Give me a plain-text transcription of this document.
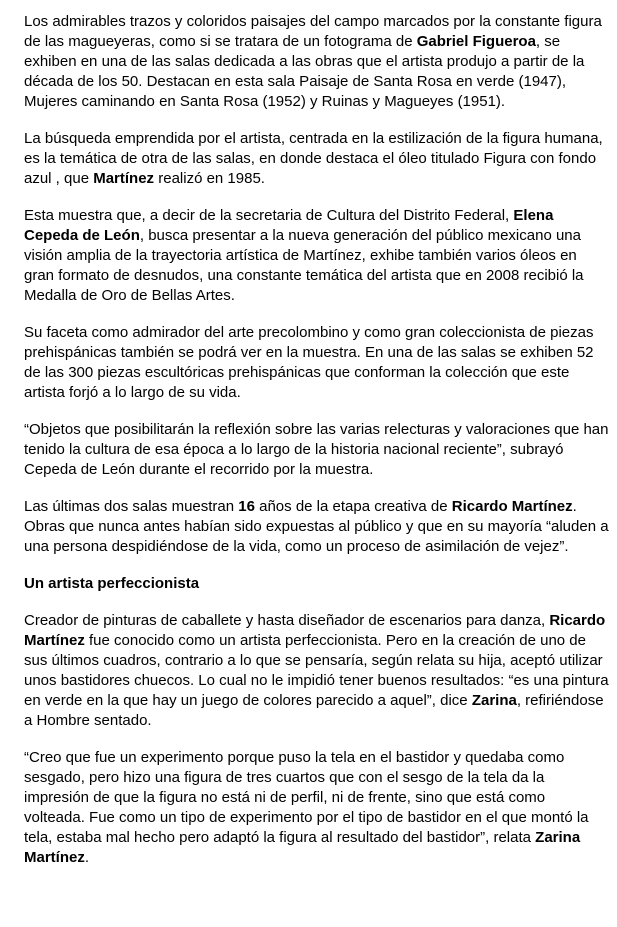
Los admirables trazos y coloridos paisajes del campo marcados por la constante figura de las magueyeras, como si se tratara de un fotograma de Gabriel Figueroa, se exhiben en una de las salas dedicada a las obras que el artista produjo a partir de la década de los 50. Destacan en esta sala Paisaje de Santa Rosa en verde (1947), Mujeres caminando en Santa Rosa (1952) y Ruinas y Magueyes (1951).

La búsqueda emprendida por el artista, centrada en la estilización de la figura humana, es la temática de otra de las salas, en donde destaca el óleo titulado Figura con fondo azul , que Martínez realizó en 1985.

Esta muestra que, a decir de la secretaria de Cultura del Distrito Federal, Elena Cepeda de León, busca presentar a la nueva generación del público mexicano una visión amplia de la trayectoria artística de Martínez, exhibe también varios óleos en gran formato de desnudos, una constante temática del artista que en 2008 recibió la Medalla de Oro de Bellas Artes.

Su faceta como admirador del arte precolombino y como gran coleccionista de piezas prehispánicas también se podrá ver en la muestra. En una de las salas se exhiben 52 de las 300 piezas escultóricas prehispánicas que conforman la colección que este artista forjó a lo largo de su vida.

“Objetos que posibilitarán la reflexión sobre las varias relecturas y valoraciones que han tenido la cultura de esa época a lo largo de la historia nacional reciente”, subrayó Cepeda de León durante el recorrido por la muestra.

Las últimas dos salas muestran 16 años de la etapa creativa de Ricardo Martínez. Obras que nunca antes habían sido expuestas al público y que en su mayoría “aluden a una persona despidiéndose de la vida, como un proceso de asimilación de vejez”.

Un artista perfeccionista

Creador de pinturas de caballete y hasta diseñador de escenarios para danza, Ricardo Martínez fue conocido como un artista perfeccionista. Pero en la creación de uno de sus últimos cuadros, contrario a lo que se pensaría, según relata su hija, aceptó utilizar unos bastidores chuecos. Lo cual no le impidió tener buenos resultados: “es una pintura en verde en la que hay un juego de colores parecido a aquel”, dice Zarina, refiriéndose a Hombre sentado.

“Creo que fue un experimento porque puso la tela en el bastidor y quedaba como sesgado, pero hizo una figura de tres cuartos que con el sesgo de la tela da la impresión de que la figura no está ni de perfil, ni de frente, sino que está como volteada. Fue como un tipo de experimento por el tipo de bastidor en el que montó la tela, estaba mal hecho pero adaptó la figura al resultado del bastidor”, relata Zarina Martínez.
